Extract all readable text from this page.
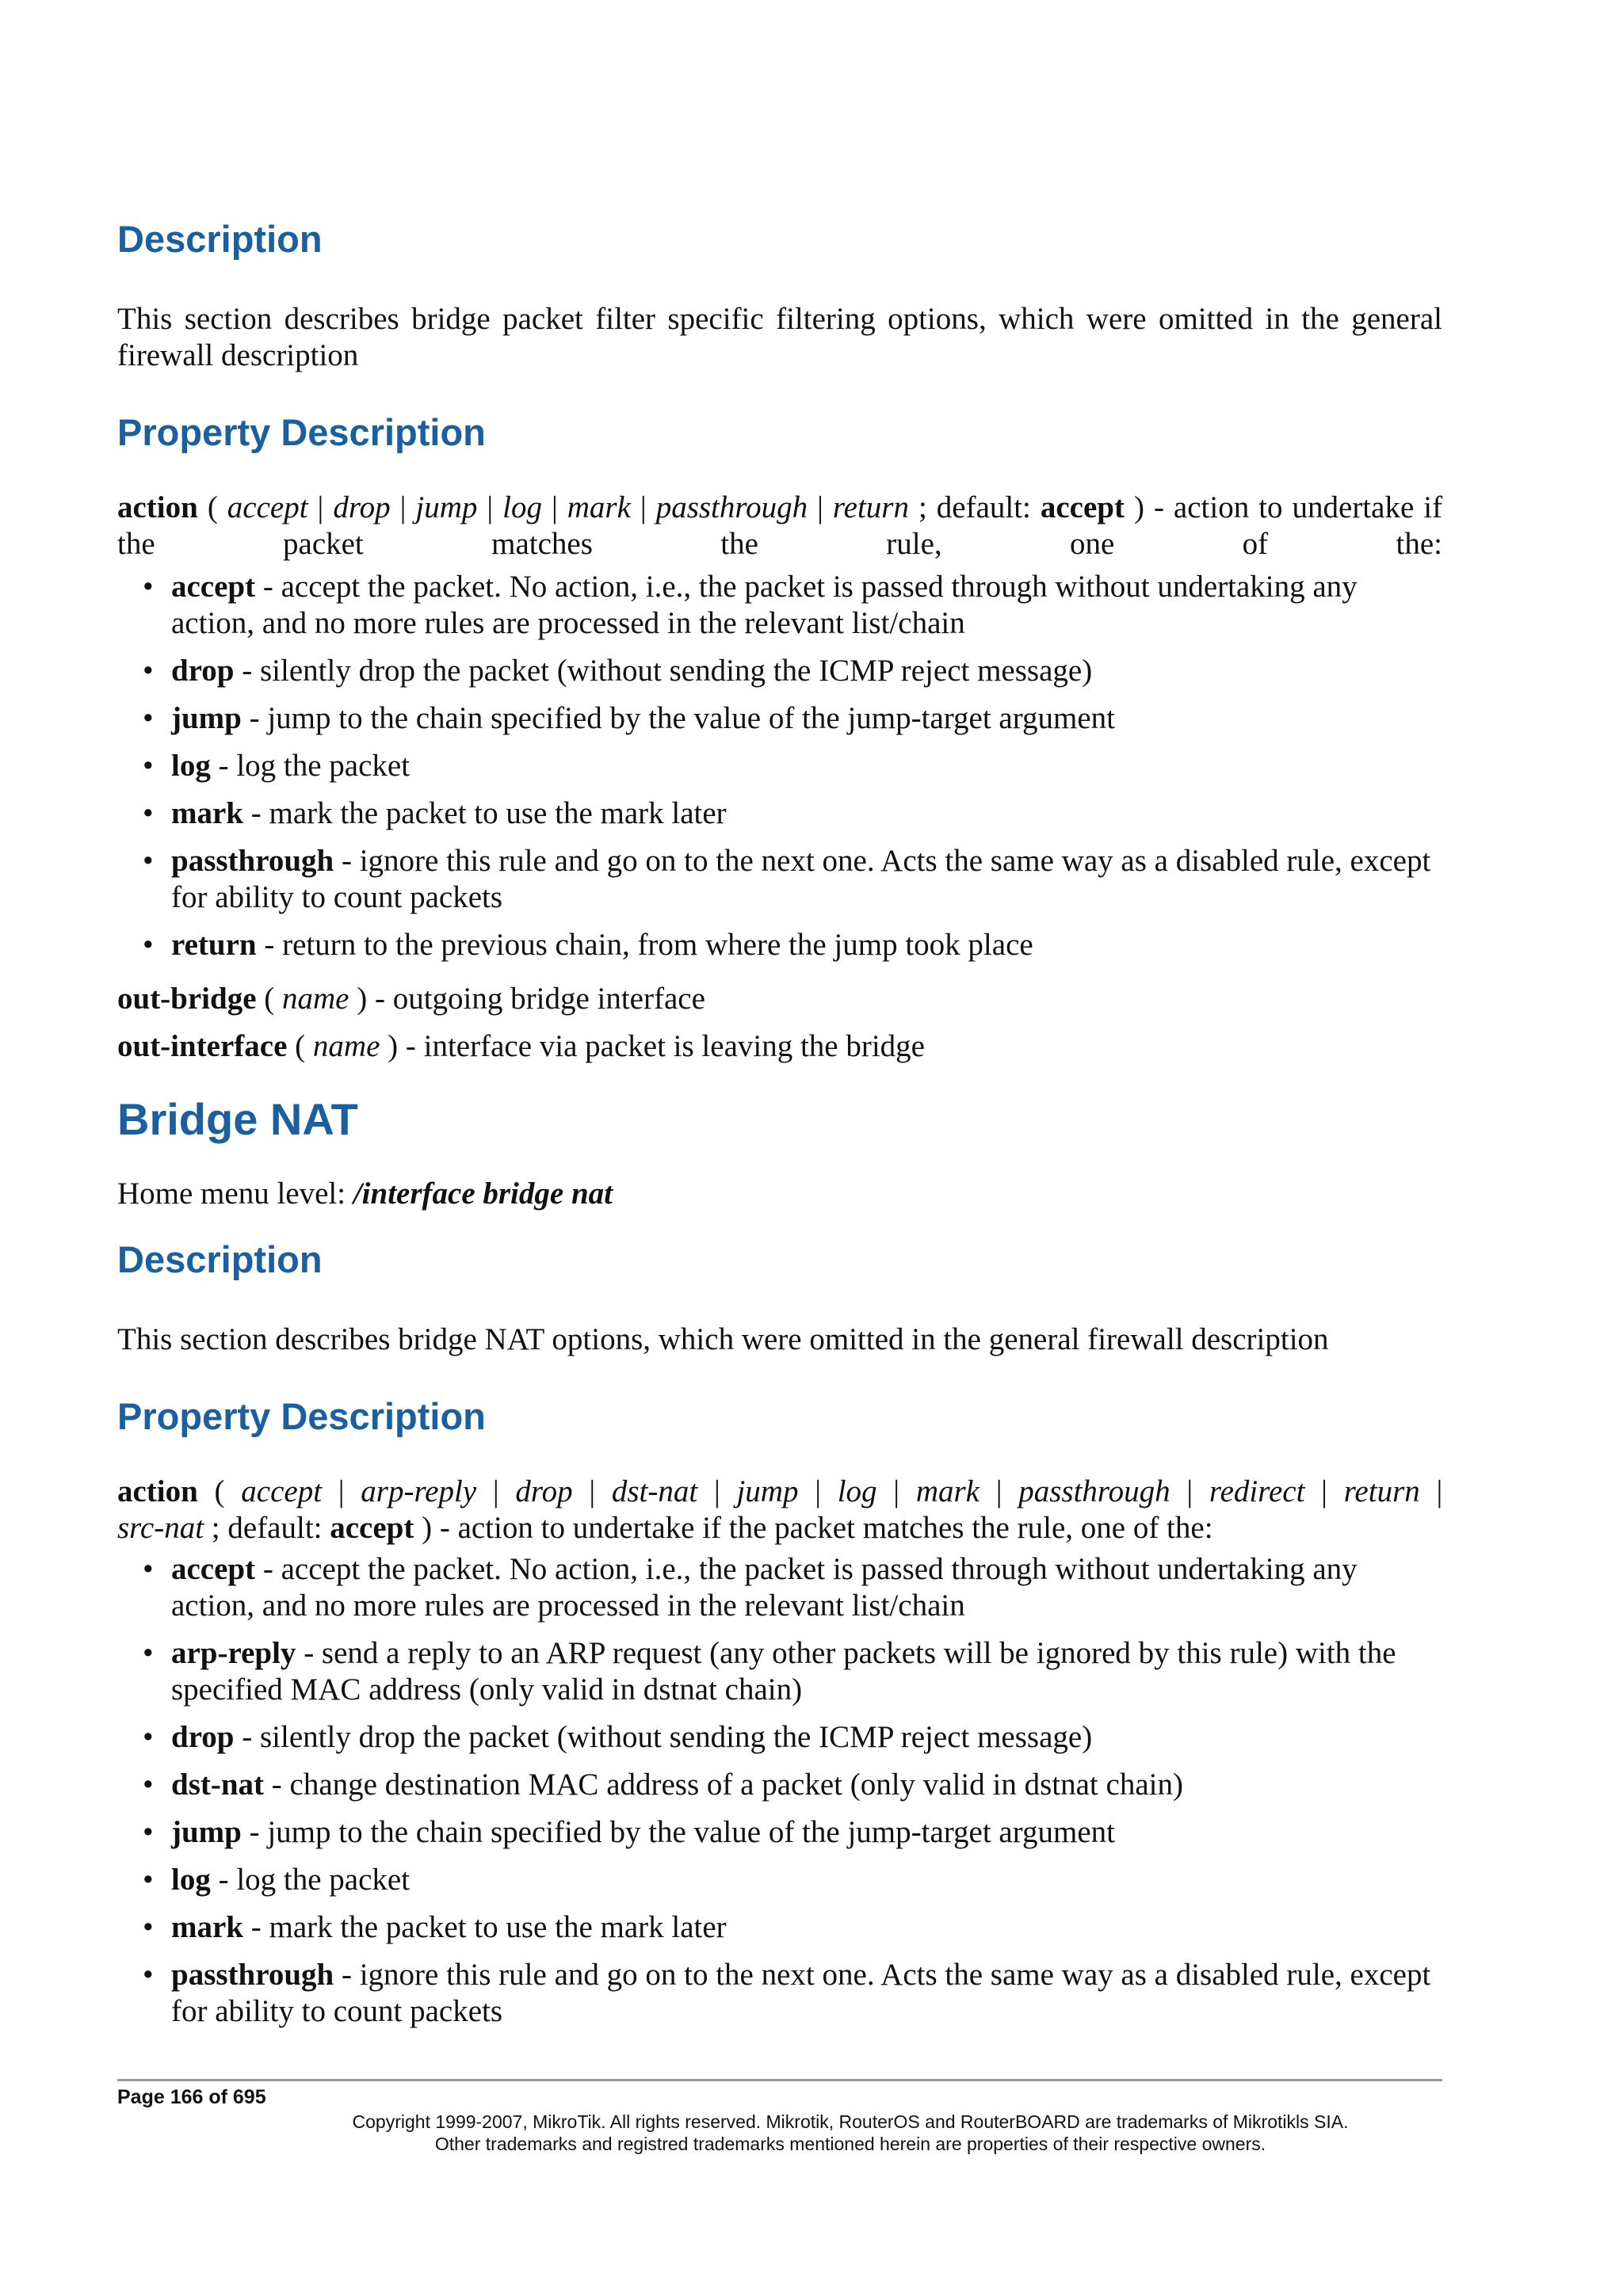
Description

This section describes bridge packet filter specific filtering options, which were omitted in the general firewall description

Property Description

action ( accept | drop | jump | log | mark | passthrough | return ; default: accept ) - action to undertake if the packet matches the rule, one of the:

• accept - accept the packet. No action, i.e., the packet is passed through without undertaking any action, and no more rules are processed in the relevant list/chain

• drop - silently drop the packet (without sending the ICMP reject message)

• jump - jump to the chain specified by the value of the jump-target argument

• log - log the packet

• mark - mark the packet to use the mark later

• passthrough - ignore this rule and go on to the next one. Acts the same way as a disabled rule, except for ability to count packets

• return - return to the previous chain, from where the jump took place

out-bridge ( name ) - outgoing bridge interface

out-interface ( name ) - interface via packet is leaving the bridge

Bridge NAT

Home menu level: /interface bridge nat

Description

This section describes bridge NAT options, which were omitted in the general firewall description

Property Description

action ( accept | arp-reply | drop | dst-nat | jump | log | mark | passthrough | redirect | return |

src-nat ; default: accept ) - action to undertake if the packet matches the rule, one of the:

• accept - accept the packet. No action, i.e., the packet is passed through without undertaking any action, and no more rules are processed in the relevant list/chain

• arp-reply - send a reply to an ARP request (any other packets will be ignored by this rule) with the specified MAC address (only valid in dstnat chain)

• drop - silently drop the packet (without sending the ICMP reject message)

• dst-nat - change destination MAC address of a packet (only valid in dstnat chain)

• jump - jump to the chain specified by the value of the jump-target argument

• log - log the packet

• mark - mark the packet to use the mark later

• passthrough - ignore this rule and go on to the next one. Acts the same way as a disabled rule, except for ability to count packets

Page 166 of 695
Copyright 1999-2007, MikroTik. All rights reserved. Mikrotik, RouterOS and RouterBOARD are trademarks of Mikrotikls SIA.
Other trademarks and registred trademarks mentioned herein are properties of their respective owners.
